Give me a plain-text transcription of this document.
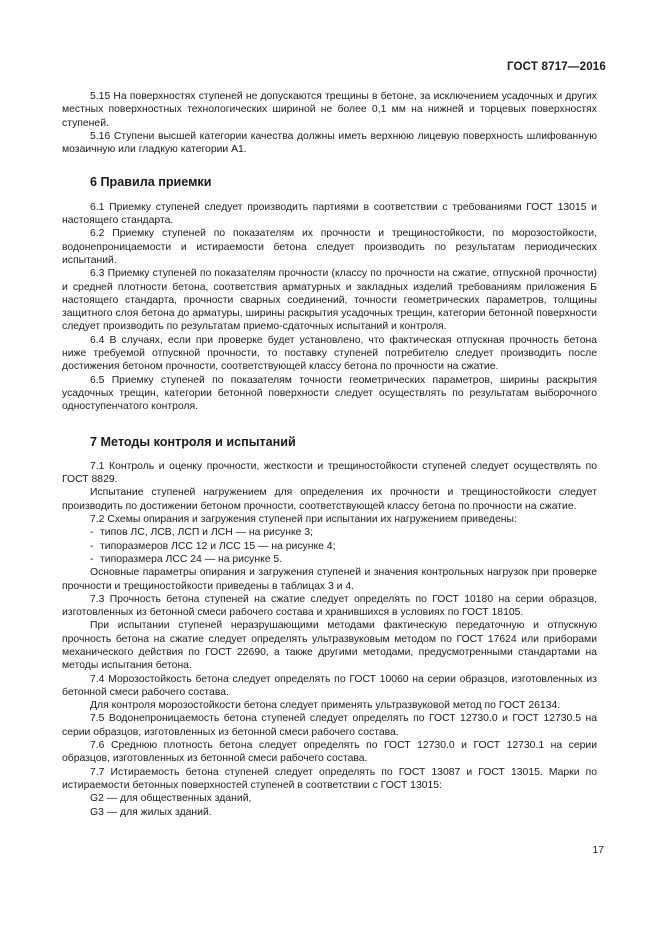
ГОСТ 8717—2016

5.15 На поверхностях ступеней не допускаются трещины в бетоне, за исключением усадочных и других местных поверхностных технологических шириной не более 0,1 мм на нижней и торцевых поверхностях ступеней.

5.16 Ступени высшей категории качества должны иметь верхнюю лицевую поверхность шлифованную мозаичную или гладкую категории А1.

6 Правила приемки

6.1 Приемку ступеней следует производить партиями в соответствии с требованиями ГОСТ 13015 и настоящего стандарта.

6.2 Приемку ступеней по показателям их прочности и трещиностойкости, по морозостойкости, водонепроницаемости и истираемости бетона следует производить по результатам периодических испытаний.

6.3 Приемку ступеней по показателям прочности (классу по прочности на сжатие, отпускной прочности) и средней плотности бетона, соответствия арматурных и закладных изделий требованиям приложения Б настоящего стандарта, прочности сварных соединений, точности геометрических параметров, толщины защитного слоя бетона до арматуры, ширины раскрытия усадочных трещин, категории бетонной поверхности следует производить по результатам приемо-сдаточных испытаний и контроля.

6.4 В случаях, если при проверке будет установлено, что фактическая отпускная прочность бетона ниже требуемой отпускной прочности, то поставку ступеней потребителю следует производить после достижения бетоном прочности, соответствующей классу бетона по прочности на сжатие.

6.5 Приемку ступеней по показателям точности геометрических параметров, ширины раскрытия усадочных трещин, категории бетонной поверхности следует осуществлять по результатам выборочного одноступенчатого контроля.

7 Методы контроля и испытаний

7.1 Контроль и оценку прочности, жесткости и трещиностойкости ступеней следует осуществлять по ГОСТ 8829.

Испытание ступеней нагружением для определения их прочности и трещиностойкости следует производить по достижении бетоном прочности, соответствующей классу бетона по прочности на сжатие.

7.2 Схемы опирания и загружения ступеней при испытании их нагружением приведены:

- типов ЛС, ЛСВ, ЛСП и ЛСН — на рисунке 3;
- типоразмеров ЛСС 12 и ЛСС 15 — на рисунке 4;
- типоразмера ЛСС 24 — на рисунке 5.

Основные параметры опирания и загружения ступеней и значения контрольных нагрузок при проверке прочности и трещиностойкости приведены в таблицах 3 и 4.

7.3 Прочность бетона ступеней на сжатие следует определять по ГОСТ 10180 на серии образцов, изготовленных из бетонной смеси рабочего состава и хранившихся в условиях по ГОСТ 18105.

При испытании ступеней неразрушающими методами фактическую передаточную и отпускную прочность бетона на сжатие следует определять ультразвуковым методом по ГОСТ 17624 или приборами механического действия по ГОСТ 22690, а также другими методами, предусмотренными стандартами на методы испытания бетона.

7.4 Морозостойкость бетона следует определять по ГОСТ 10060 на серии образцов, изготовленных из бетонной смеси рабочего состава.

Для контроля морозостойкости бетона следует применять ультразвуковой метод по ГОСТ 26134.

7.5 Водонепроницаемость бетона ступеней следует определять по ГОСТ 12730.0 и ГОСТ 12730.5 на серии образцов, изготовленных из бетонной смеси рабочего состава.

7.6 Среднюю плотность бетона следует определять по ГОСТ 12730.0 и ГОСТ 12730.1 на серии образцов, изготовленных из бетонной смеси рабочего состава.

7.7 Истираемость бетона ступеней следует определять по ГОСТ 13087 и ГОСТ 13015. Марки по истираемости бетонных поверхностей ступеней в соответствии с ГОСТ 13015:

G2 — для общественных зданий,

G3 — для жилых зданий.

17
